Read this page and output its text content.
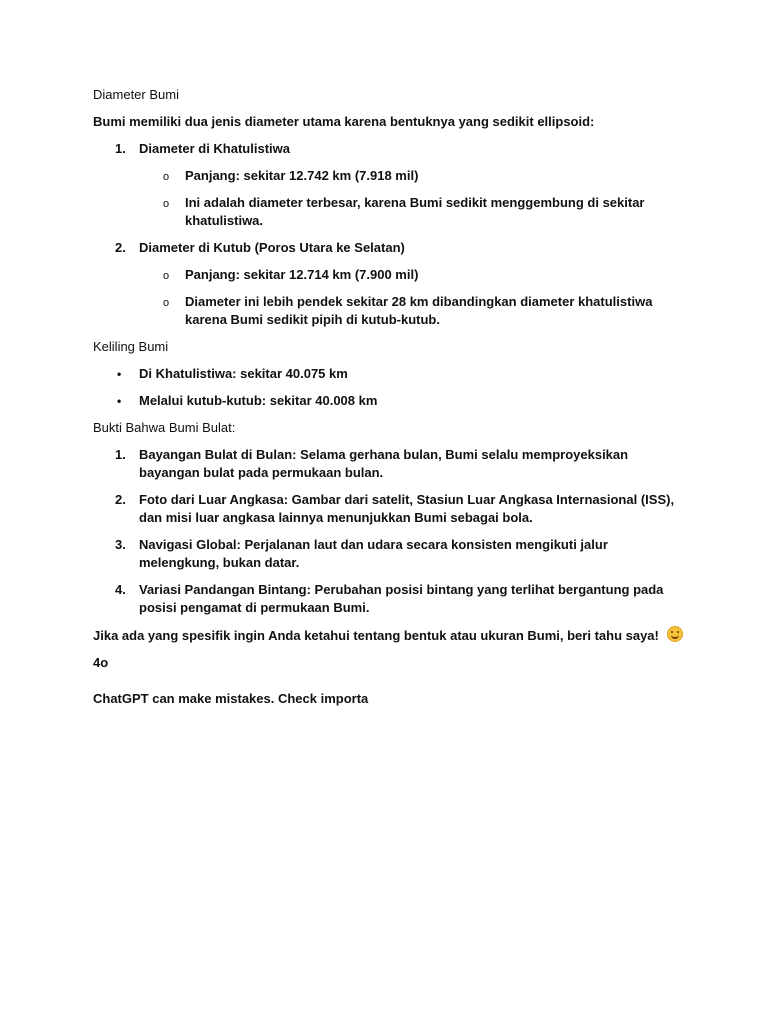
Diameter Bumi

Bumi memiliki dua jenis diameter utama karena bentuknya yang sedikit ellipsoid:

1. Diameter di Khatulistiwa
o Panjang: sekitar 12.742 km (7.918 mil)
o Ini adalah diameter terbesar, karena Bumi sedikit menggembung di sekitar khatulistiwa.
2. Diameter di Kutub (Poros Utara ke Selatan)
o Panjang: sekitar 12.714 km (7.900 mil)
o Diameter ini lebih pendek sekitar 28 km dibandingkan diameter khatulistiwa karena Bumi sedikit pipih di kutub-kutub.

Keliling Bumi

• Di Khatulistiwa: sekitar 40.075 km
• Melalui kutub-kutub: sekitar 40.008 km

Bukti Bahwa Bumi Bulat:

1. Bayangan Bulat di Bulan: Selama gerhana bulan, Bumi selalu memproyeksikan bayangan bulat pada permukaan bulan.
2. Foto dari Luar Angkasa: Gambar dari satelit, Stasiun Luar Angkasa Internasional (ISS), dan misi luar angkasa lainnya menunjukkan Bumi sebagai bola.
3. Navigasi Global: Perjalanan laut dan udara secara konsisten mengikuti jalur melengkung, bukan datar.
4. Variasi Pandangan Bintang: Perubahan posisi bintang yang terlihat bergantung pada posisi pengamat di permukaan Bumi.

Jika ada yang spesifik ingin Anda ketahui tentang bentuk atau ukuran Bumi, beri tahu saya!

4o

ChatGPT can make mistakes. Check importa
